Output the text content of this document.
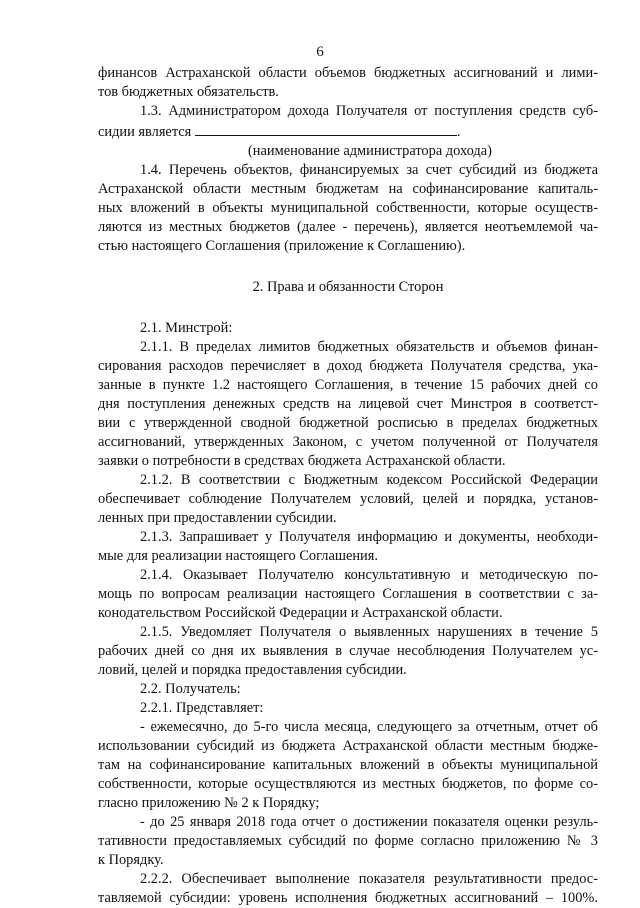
6
финансов Астраханской области объемов бюджетных ассигнований и лими-
тов бюджетных обязательств.
1.3. Администратором дохода Получателя от поступления средств суб-
сидии является	.
(наименование администратора дохода)
1.4. Перечень объектов, финансируемых за счет субсидий из бюджета
Астраханской области местным бюджетам на софинансирование капиталь-
ных вложений в объекты муниципальной собственности, которые осуществ-
ляются из местных бюджетов (далее - перечень), является неотъемлемой ча-
стью настоящего Соглашения (приложение к Соглашению).
2. Права и обязанности Сторон
2.1. Минстрой:
2.1.1. В пределах лимитов бюджетных обязательств и объемов финан-
сирования расходов перечисляет в доход бюджета Получателя средства, ука-
занные в пункте 1.2 настоящего Соглашения, в течение 15 рабочих дней со
дня поступления денежных средств на лицевой счет Минстроя в соответст-
вии с утвержденной сводной бюджетной росписью в пределах бюджетных
ассигнований, утвержденных Законом, с учетом полученной от Получателя
заявки о потребности в средствах бюджета Астраханской области.
2.1.2. В соответствии с Бюджетным кодексом Российской Федерации
обеспечивает соблюдение Получателем условий, целей и порядка, установ-
ленных при предоставлении субсидии.
2.1.3. Запрашивает у Получателя информацию и документы, необходи-
мые для реализации настоящего Соглашения.
2.1.4. Оказывает Получателю консультативную и методическую по-
мощь по вопросам реализации настоящего Соглашения в соответствии с за-
конодательством Российской Федерации и Астраханской области.
2.1.5. Уведомляет Получателя о выявленных нарушениях в течение 5
рабочих дней со дня их выявления в случае несоблюдения Получателем ус-
ловий, целей и порядка предоставления субсидии.
2.2. Получатель:
2.2.1. Представляет:
- ежемесячно, до 5-го числа месяца, следующего за отчетным, отчет об
использовании субсидий из бюджета Астраханской области местным бюдже-
там на софинансирование капитальных вложений в объекты муниципальной
собственности, которые осуществляются из местных бюджетов, по форме со-
гласно приложению № 2 к Порядку;
- до 25 января 2018 года отчет о достижении показателя оценки резуль-
тативности предоставляемых субсидий по форме согласно приложению № 3
к Порядку.
2.2.2. Обеспечивает выполнение показателя результативности предос-
тавляемой субсидии: уровень исполнения бюджетных ассигнований – 100%.
